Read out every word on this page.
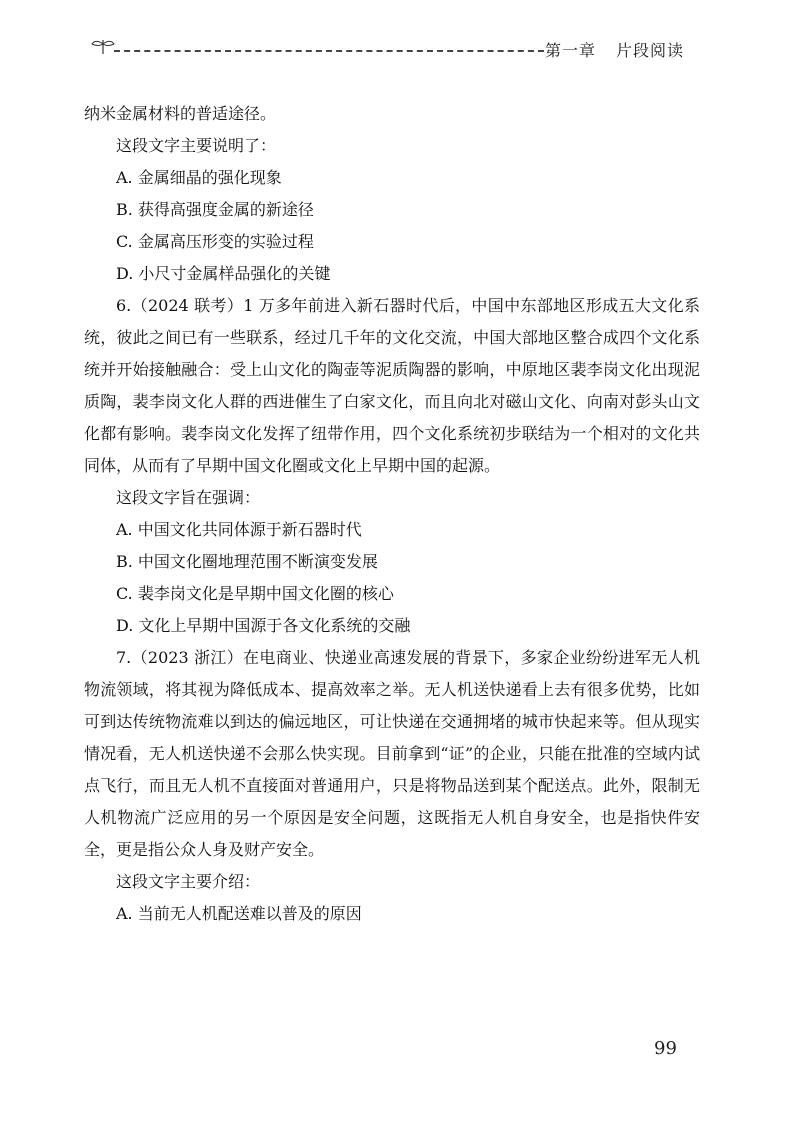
第一章 片段阅读

纳米金属材料的普适途径。

这段文字主要说明了：

A. 金属细晶的强化现象

B. 获得高强度金属的新途径

C. 金属高压形变的实验过程

D. 小尺寸金属样品强化的关键

6.（2024 联考）1 万多年前进入新石器时代后，中国中东部地区形成五大文化系统，彼此之间已有一些联系，经过几千年的文化交流，中国大部地区整合成四个文化系统并开始接触融合：受上山文化的陶壶等泥质陶器的影响，中原地区裴李岗文化出现泥质陶，裴李岗文化人群的西进催生了白家文化，而且向北对磁山文化、向南对彭头山文化都有影响。裴李岗文化发挥了纽带作用，四个文化系统初步联结为一个相对的文化共同体，从而有了早期中国文化圈或文化上早期中国的起源。

这段文字旨在强调：

A. 中国文化共同体源于新石器时代

B. 中国文化圈地理范围不断演变发展

C. 裴李岗文化是早期中国文化圈的核心

D. 文化上早期中国源于各文化系统的交融

7.（2023 浙江）在电商业、快递业高速发展的背景下，多家企业纷纷进军无人机物流领域，将其视为降低成本、提高效率之举。无人机送快递看上去有很多优势，比如可到达传统物流难以到达的偏远地区，可让快递在交通拥堵的城市快起来等。但从现实情况看，无人机送快递不会那么快实现。目前拿到“证”的企业，只能在批准的空域内试点飞行，而且无人机不直接面对普通用户，只是将物品送到某个配送点。此外，限制无人机物流广泛应用的另一个原因是安全问题，这既指无人机自身安全，也是指快件安全，更是指公众人身及财产安全。

这段文字主要介绍：

A. 当前无人机配送难以普及的原因

99
